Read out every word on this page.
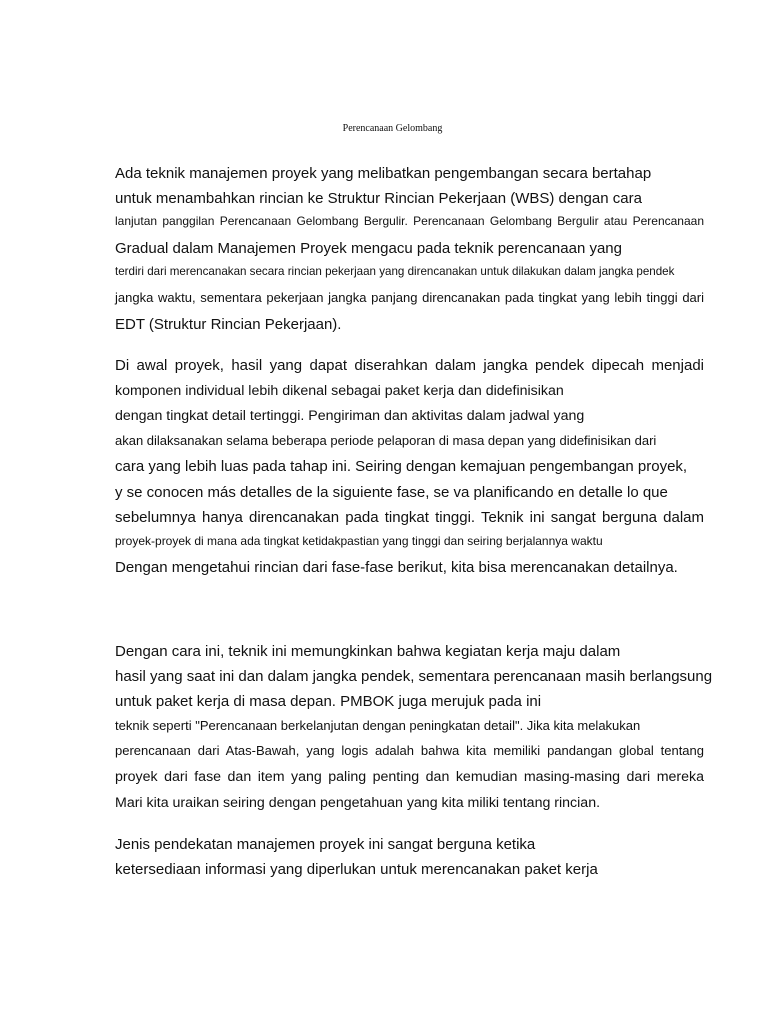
Perencanaan Gelombang
Ada teknik manajemen proyek yang melibatkan pengembangan secara bertahap
untuk menambahkan rincian ke Struktur Rincian Pekerjaan (WBS) dengan cara
lanjutan panggilan Perencanaan Gelombang Bergulir. Perencanaan Gelombang Bergulir atau Perencanaan
Gradual dalam Manajemen Proyek mengacu pada teknik perencanaan yang
terdiri dari merencanakan secara rincian pekerjaan yang direncanakan untuk dilakukan dalam jangka pendek
jangka waktu, sementara pekerjaan jangka panjang direncanakan pada tingkat yang lebih tinggi dari
EDT (Struktur Rincian Pekerjaan).
Di awal proyek, hasil yang dapat diserahkan dalam jangka pendek dipecah menjadi
komponen individual lebih dikenal sebagai paket kerja dan didefinisikan
dengan tingkat detail tertinggi. Pengiriman dan aktivitas dalam jadwal yang
akan dilaksanakan selama beberapa periode pelaporan di masa depan yang didefinisikan dari
cara yang lebih luas pada tahap ini. Seiring dengan kemajuan pengembangan proyek,
y se conocen más detalles de la siguiente fase, se va planificando en detalle lo que
sebelumnya hanya direncanakan pada tingkat tinggi. Teknik ini sangat berguna dalam
proyek-proyek di mana ada tingkat ketidakpastian yang tinggi dan seiring berjalannya waktu
Dengan mengetahui rincian dari fase-fase berikut, kita bisa merencanakan detailnya.
Dengan cara ini, teknik ini memungkinkan bahwa kegiatan kerja maju dalam
hasil yang saat ini dan dalam jangka pendek, sementara perencanaan masih berlangsung
untuk paket kerja di masa depan. PMBOK juga merujuk pada ini
teknik seperti "Perencanaan berkelanjutan dengan peningkatan detail". Jika kita melakukan
perencanaan dari Atas-Bawah, yang logis adalah bahwa kita memiliki pandangan global tentang
proyek dari fase dan item yang paling penting dan kemudian masing-masing dari mereka
Mari kita uraikan seiring dengan pengetahuan yang kita miliki tentang rincian.
Jenis pendekatan manajemen proyek ini sangat berguna ketika
ketersediaan informasi yang diperlukan untuk merencanakan paket kerja
